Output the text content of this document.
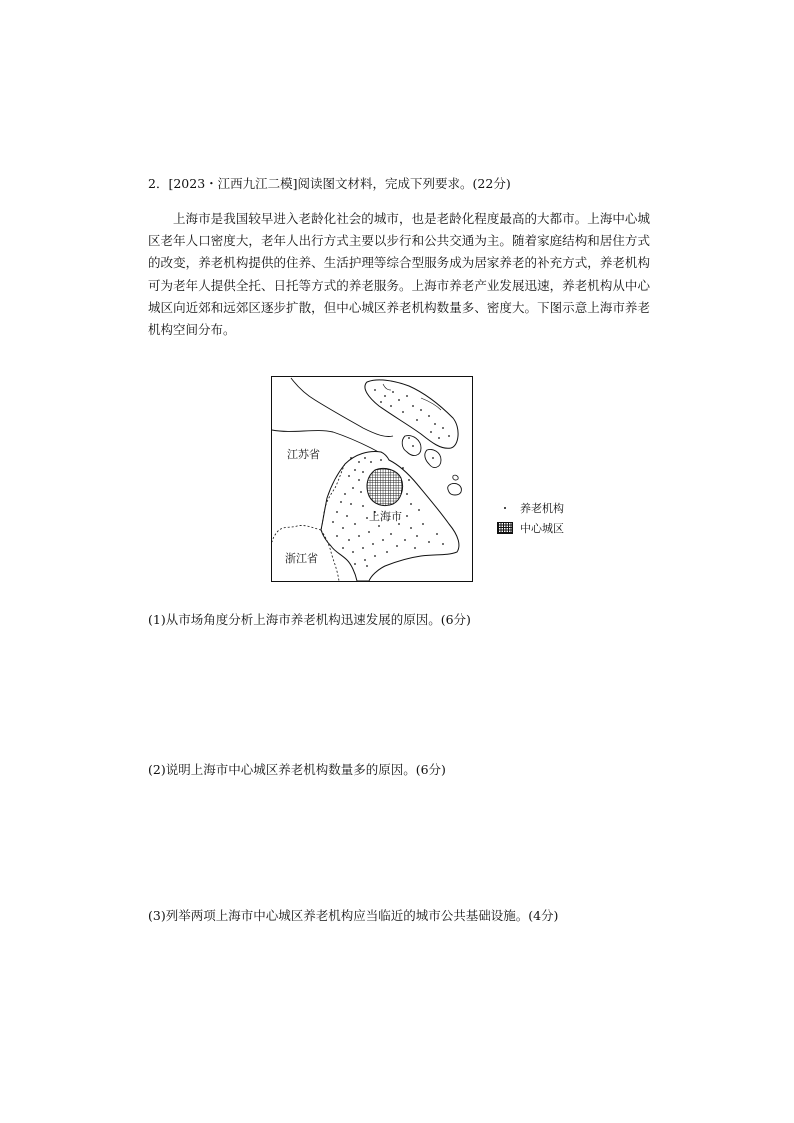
2．[2023・江西九江二模]阅读图文材料，完成下列要求。(22分)
上海市是我国较早进入老龄化社会的城市，也是老龄化程度最高的大都市。上海中心城区老年人口密度大，老年人出行方式主要以步行和公共交通为主。随着家庭结构和居住方式的改变，养老机构提供的住养、生活护理等综合型服务成为居家养老的补充方式，养老机构可为老年人提供全托、日托等方式的养老服务。上海市养老产业发展迅速，养老机构从中心城区向近郊和远郊区逐步扩散，但中心城区养老机构数量多、密度大。下图示意上海市养老机构空间分布。
江苏省
上海市
浙江省
养老机构
中心城区
(1)从市场角度分析上海市养老机构迅速发展的原因。(6分)
(2)说明上海市中心城区养老机构数量多的原因。(6分)
(3)列举两项上海市中心城区养老机构应当临近的城市公共基础设施。(4分)
